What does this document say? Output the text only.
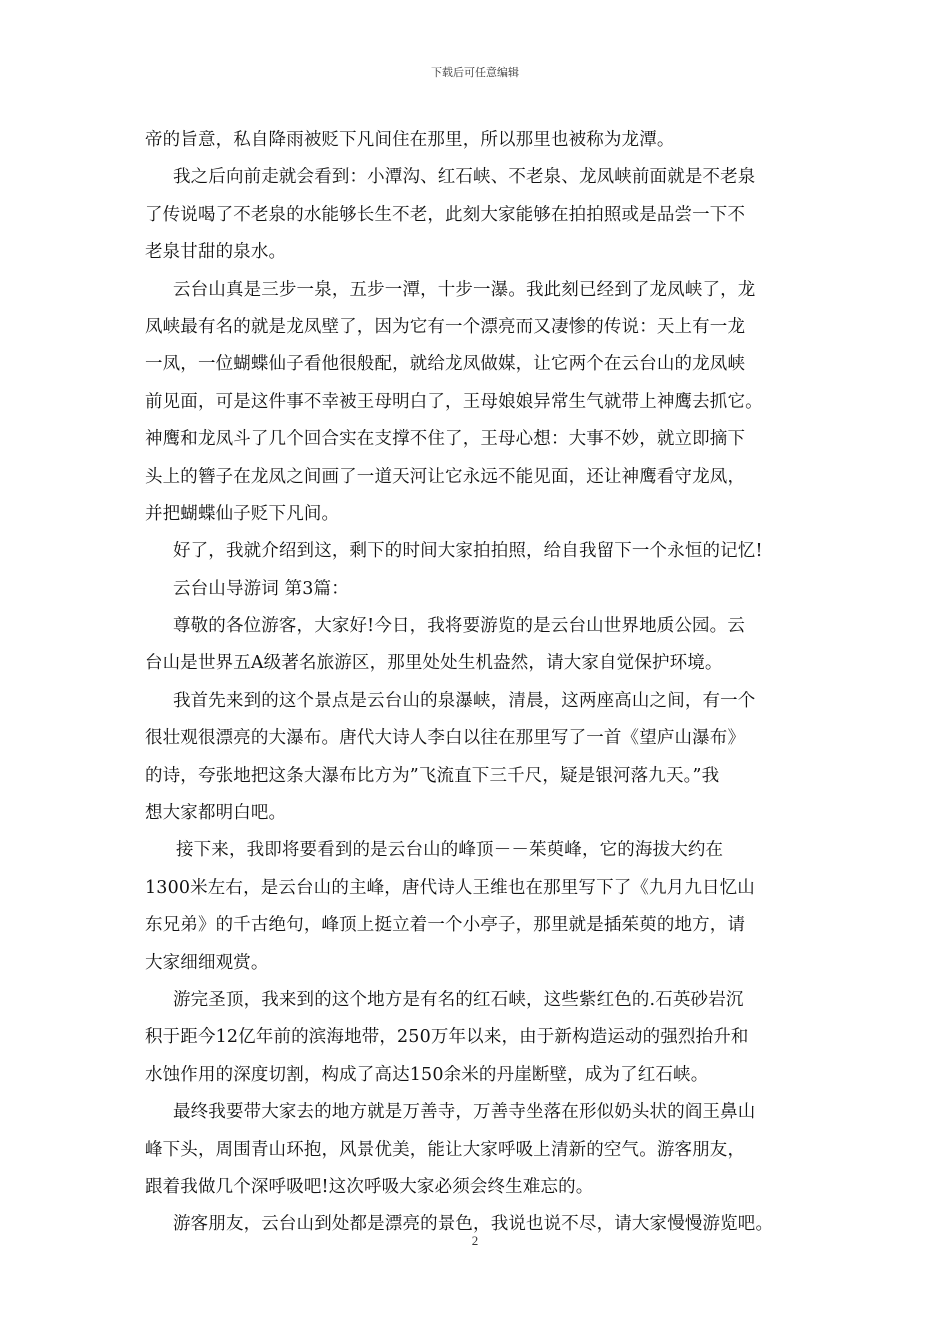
下载后可任意编辑
帝的旨意，私自降雨被贬下凡间住在那里，所以那里也被称为龙潭。
我之后向前走就会看到：小潭沟、红石峡、不老泉、龙凤峡前面就是不老泉
了传说喝了不老泉的水能够长生不老，此刻大家能够在拍拍照或是品尝一下不
老泉甘甜的泉水。
云台山真是三步一泉，五步一潭，十步一瀑。我此刻已经到了龙凤峡了，龙
凤峡最有名的就是龙凤壁了，因为它有一个漂亮而又凄惨的传说：天上有一龙
一凤，一位蝴蝶仙子看他很般配，就给龙凤做媒，让它两个在云台山的龙凤峡
前见面，可是这件事不幸被王母明白了，王母娘娘异常生气就带上神鹰去抓它。
神鹰和龙凤斗了几个回合实在支撑不住了，王母心想：大事不妙，就立即摘下
头上的簪子在龙凤之间画了一道天河让它永远不能见面，还让神鹰看守龙凤，
并把蝴蝶仙子贬下凡间。
好了，我就介绍到这，剩下的时间大家拍拍照，给自我留下一个永恒的记忆!
云台山导游词 第3篇：
尊敬的各位游客，大家好!今日，我将要游览的是云台山世界地质公园。云
台山是世界五A级著名旅游区，那里处处生机盎然，请大家自觉保护环境。
我首先来到的这个景点是云台山的泉瀑峡，清晨，这两座高山之间，有一个
很壮观很漂亮的大瀑布。唐代大诗人李白以往在那里写了一首《望庐山瀑布》
的诗，夸张地把这条大瀑布比方为”飞流直下三千尺，疑是银河落九天。”我
想大家都明白吧。
接下来，我即将要看到的是云台山的峰顶－－茱萸峰，它的海拔大约在
1300米左右，是云台山的主峰，唐代诗人王维也在那里写下了《九月九日忆山
东兄弟》的千古绝句，峰顶上挺立着一个小亭子，那里就是插茱萸的地方，请
大家细细观赏。
游完圣顶，我来到的这个地方是有名的红石峡，这些紫红色的.石英砂岩沉
积于距今12亿年前的滨海地带，250万年以来，由于新构造运动的强烈抬升和
水蚀作用的深度切割，构成了高达150余米的丹崖断壁，成为了红石峡。
最终我要带大家去的地方就是万善寺，万善寺坐落在形似奶头状的阎王鼻山
峰下头，周围青山环抱，风景优美，能让大家呼吸上清新的空气。游客朋友，
跟着我做几个深呼吸吧!这次呼吸大家必须会终生难忘的。
游客朋友，云台山到处都是漂亮的景色，我说也说不尽，请大家慢慢游览吧。
2
